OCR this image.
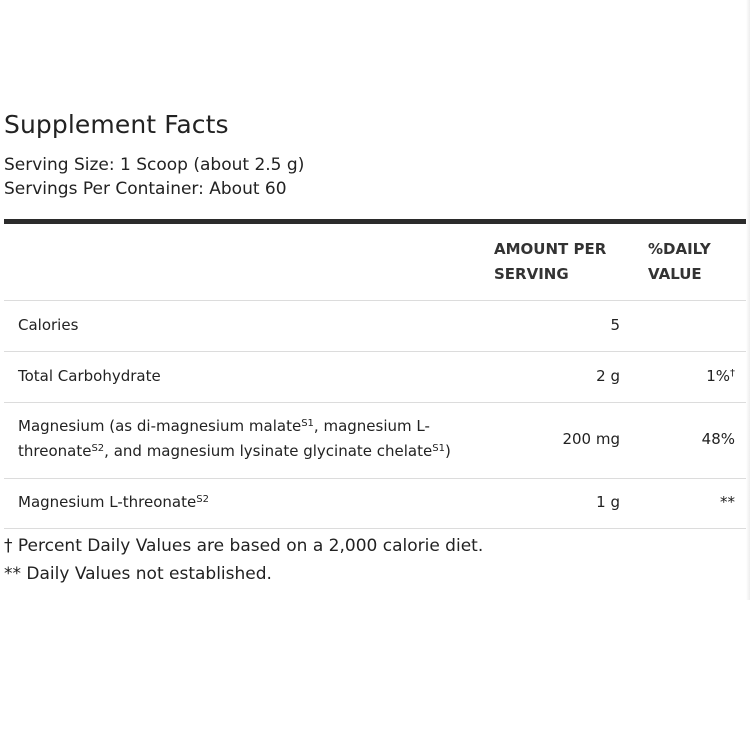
Supplement Facts
Serving Size: 1 Scoop (about 2.5 g)
Servings Per Container: About 60
AMOUNT PER
SERVING
%DAILY
VALUE
Calories	5
Total Carbohydrate	2 g	1%†
Magnesium (as di-magnesium malate$^{S1}$, magnesium L-
threonate$^{S2}$, and magnesium lysinate glycinate chelate$^{S1}$)
200 mg	48%
Magnesium L-threonate$^{S2}$	1 g	**
† Percent Daily Values are based on a 2,000 calorie diet.
** Daily Values not established.
